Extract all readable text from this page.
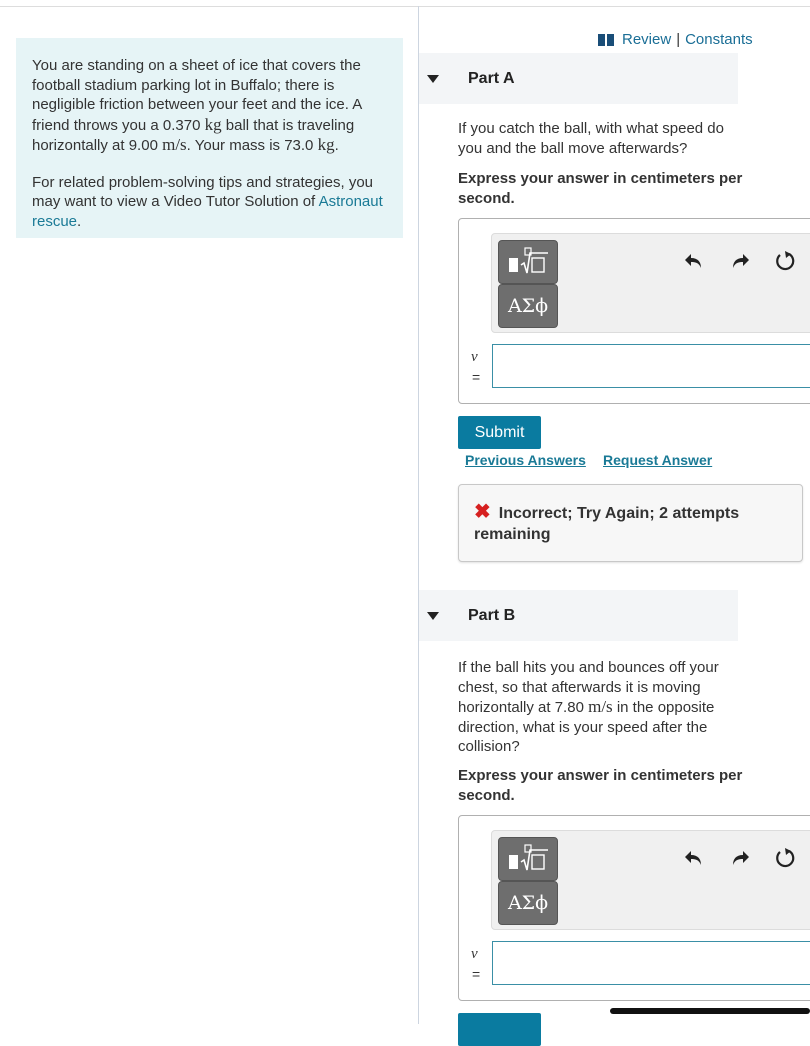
You are standing on a sheet of ice that covers the football stadium parking lot in Buffalo; there is negligible friction between your feet and the ice. A friend throws you a 0.370 kg ball that is traveling horizontally at 9.00 m/s. Your mass is 73.0 kg.

For related problem-solving tips and strategies, you may want to view a Video Tutor Solution of Astronaut rescue.

Review | Constants
Part A
If you catch the ball, with what speed do you and the ball move afterwards?
Express your answer in centimeters per second.
ΑΣϕ
v
=
Submit
Previous Answers Request Answer
✖ Incorrect; Try Again; 2 attempts remaining
Part B
If the ball hits you and bounces off your chest, so that afterwards it is moving horizontally at 7.80 m/s in the opposite direction, what is your speed after the collision?
Express your answer in centimeters per second.
ΑΣϕ
v
=
